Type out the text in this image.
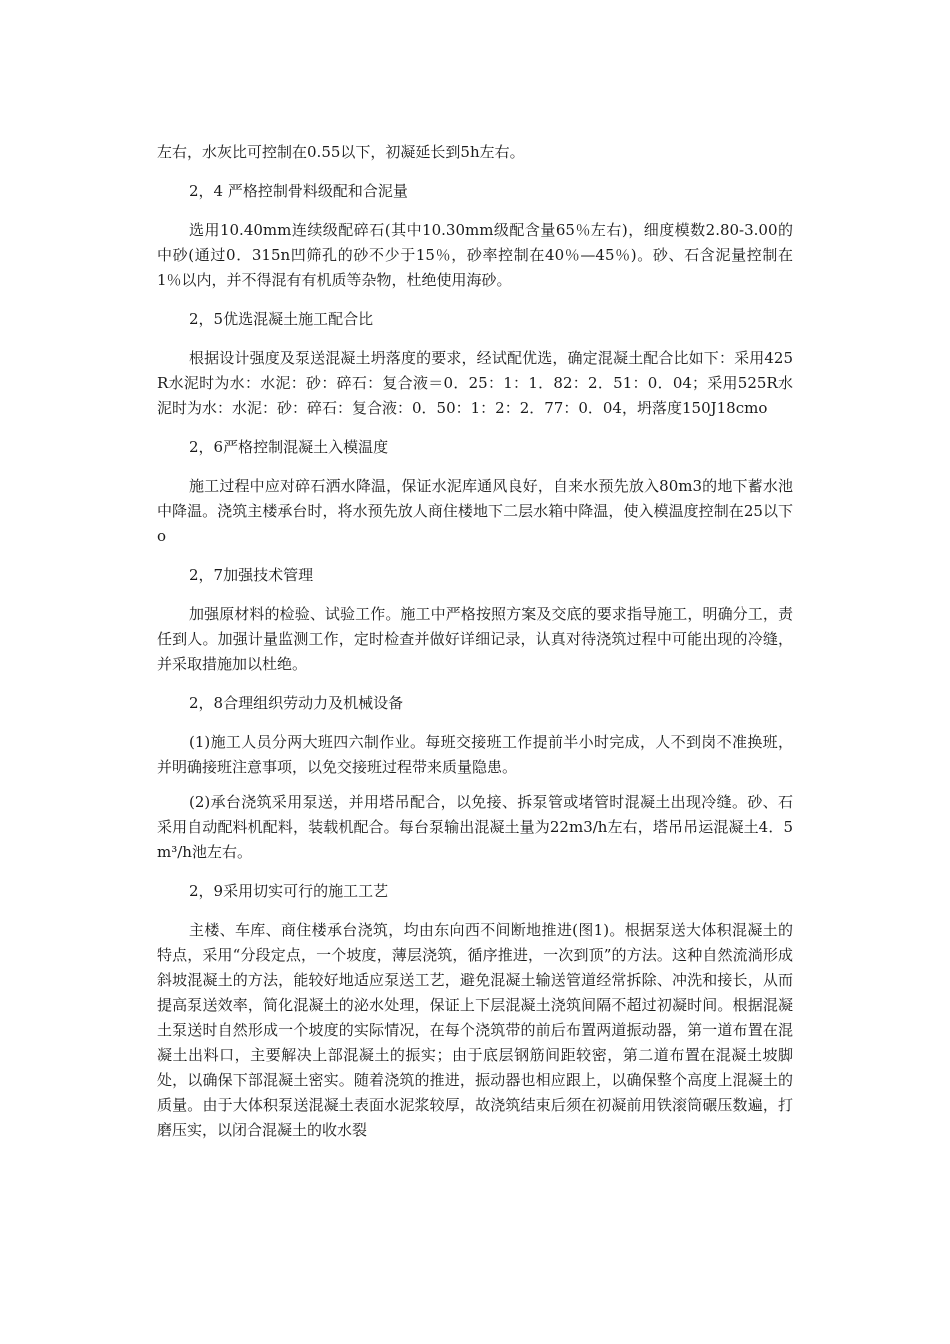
左右，水灰比可控制在0.55以下，初凝延长到5h左右。

2，4 严格控制骨料级配和合泥量

选用10.40mm连续级配碎石(其中10.30mm级配含量65％左右)，细度模数2.80-3.00的中砂(通过0．315n凹筛孔的砂不少于15％，砂率控制在40％—45％)。砂、石含泥量控制在1％以内，并不得混有有机质等杂物，杜绝使用海砂。

2，5优选混凝土施工配合比

根据设计强度及泵送混凝土坍落度的要求，经试配优选，确定混凝土配合比如下：采用425R水泥时为水：水泥：砂：碎石：复合液＝0．25：1：1．82：2．51：0．04；采用525R水泥时为水：水泥：砂：碎石：复合液：0．50：1：2：2．77：0．04，坍落度150J18cmo

2，6严格控制混凝土入模温度

施工过程中应对碎石洒水降温，保证水泥库通风良好，自来水预先放入80m3的地下蓄水池中降温。浇筑主楼承台时，将水预先放人商住楼地下二层水箱中降温，使入模温度控制在25以下o

2，7加强技术管理

加强原材料的检验、试验工作。施工中严格按照方案及交底的要求指导施工，明确分工，责任到人。加强计量监测工作，定时检查并做好详细记录，认真对待浇筑过程中可能出现的冷缝，并采取措施加以杜绝。

2，8合理组织劳动力及机械设备

(1)施工人员分两大班四六制作业。每班交接班工作提前半小时完成，人不到岗不准换班，并明确接班注意事项，以免交接班过程带来质量隐患。

(2)承台浇筑采用泵送，并用塔吊配合，以免接、拆泵管或堵管时混凝土出现冷缝。砂、石采用自动配料机配料，装载机配合。每台泵输出混凝土量为22m3/h左右，塔吊吊运混凝土4．5m³/h池左右。

2，9采用切实可行的施工工艺

主楼、车库、商住楼承台浇筑，均由东向西不间断地推进(图1)。根据泵送大体积混凝土的特点，采用“分段定点，一个坡度，薄层浇筑，循序推进，一次到顶”的方法。这种自然流淌形成斜坡混凝土的方法，能较好地适应泵送工艺，避免混凝土输送管道经常拆除、冲洗和接长，从而提高泵送效率，简化混凝土的泌水处理，保证上下层混凝土浇筑间隔不超过初凝时间。根据混凝土泵送时自然形成一个坡度的实际情况，在每个浇筑带的前后布置两道振动器，第一道布置在混凝土出料口，主要解决上部混凝土的振实；由于底层钢筋间距较密，第二道布置在混凝土坡脚处，以确保下部混凝土密实。随着浇筑的推进，振动器也相应跟上，以确保整个高度上混凝土的质量。由于大体积泵送混凝土表面水泥浆较厚，故浇筑结束后须在初凝前用铁滚筒碾压数遍，打磨压实，以闭合混凝土的收水裂
